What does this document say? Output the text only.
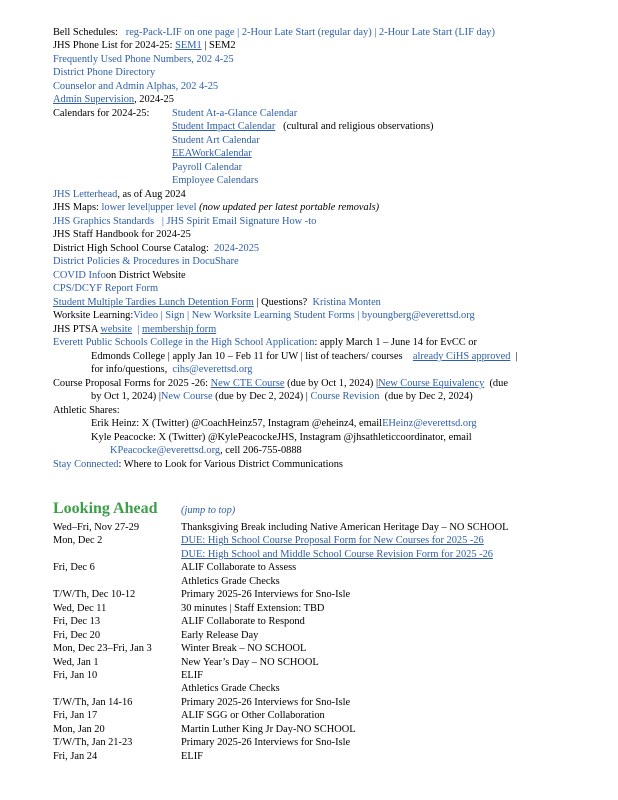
Bell Schedules: reg-Pack-LIF on one page | 2-Hour Late Start (regular day) | 2-Hour Late Start (LIF day)
JHS Phone List for 2024-25: SEM1 | SEM2
Frequently Used Phone Numbers, 202 4-25
District Phone Directory
Counselor and Admin Alphas, 202 4-25
Admin Supervision, 2024-25
Calendars for 2024-25: Student At-a-Glance Calendar
Student Impact Calendar (cultural and religious observations)
Student Art Calendar
EEAWorkCalendar
Payroll Calendar
Employee Calendars
JHS Letterhead, as of Aug 2024
JHS Maps: lower level|upper level (now updated per latest portable removals)
JHS Graphics Standards | JHS Spirit Email Signature How -to
JHS Staff Handbook for 2024-25
District High School Course Catalog: 2024-2025
District Policies & Procedures in DocuShare
COVID Infoon District Website
CPS/DCYF Report Form
Student Multiple Tardies Lunch Detention Form | Questions? Kristina Monten
Worksite Learning:Video | Sign | New Worksite Learning Student Forms | byoungberg@everettsd.org
JHS PTSA website | membership form
Everett Public Schools College in the High School Application: apply March 1 – June 14 for EvCC or
Edmonds College | apply Jan 10 – Feb 11 for UW | list of teachers/ courses already CiHS approved |
for info/questions, cihs@everettsd.org
Course Proposal Forms for 2025 -26: New CTE Course (due by Oct 1, 2024) |New Course Equivalency (due
by Oct 1, 2024) |New Course (due by Dec 2, 2024) | Course Revision (due by Dec 2, 2024)
Athletic Shares:
Erik Heinz: X (Twitter) @CoachHeinz57, Instagram @eheinz4, emailEHeinz@everettsd.org
Kyle Peacocke: X (Twitter) @KylePeacockeJHS, Instagram @jhsathleticcoordinator, email
KPeacocke@everettsd.org, cell 206-755-0888
Stay Connected: Where to Look for Various District Communications
Looking Ahead (jump to top)
Wed–Fri, Nov 27-29	Thanksgiving Break including Native American Heritage Day – NO SCHOOL
Mon, Dec 2	DUE: High School Course Proposal Form for New Courses for 2025 -26
DUE: High School and Middle School Course Revision Form for 2025 -26
Fri, Dec 6	ALIF Collaborate to Assess
Athletics Grade Checks
T/W/Th, Dec 10-12	Primary 2025-26 Interviews for Sno-Isle
Wed, Dec 11	30 minutes | Staff Extension: TBD
Fri, Dec 13	ALIF Collaborate to Respond
Fri, Dec 20	Early Release Day
Mon, Dec 23–Fri, Jan 3	Winter Break – NO SCHOOL
Wed, Jan 1	New Year’s Day – NO SCHOOL
Fri, Jan 10	ELIF
Athletics Grade Checks
T/W/Th, Jan 14-16	Primary 2025-26 Interviews for Sno-Isle
Fri, Jan 17	ALIF SGG or Other Collaboration
Mon, Jan 20	Martin Luther King Jr Day-NO SCHOOL
T/W/Th, Jan 21-23	Primary 2025-26 Interviews for Sno-Isle
Fri, Jan 24	ELIF
